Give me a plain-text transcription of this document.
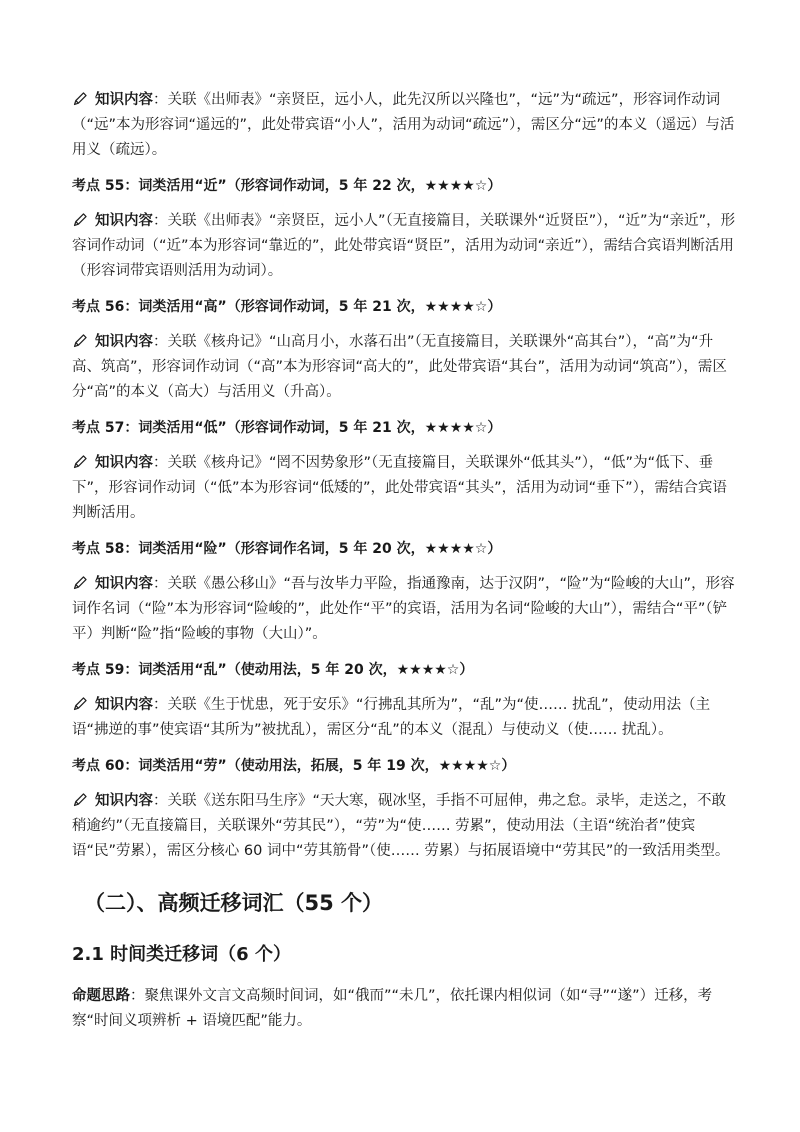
知识内容：关联《出师表》“亲贤臣，远小人，此先汉所以兴隆也”，“远”为“疏远”，形容词作动词（“远”本为形容词“遥远的”，此处带宾语“小人”，活用为动词“疏远”），需区分“远”的本义（遥远）与活用义（疏远）。

考点 55：词类活用“近”（形容词作动词，5 年 22 次，★★★★☆）

知识内容：关联《出师表》“亲贤臣，远小人”（无直接篇目，关联课外“近贤臣”），“近”为“亲近”，形容词作动词（“近”本为形容词“靠近的”，此处带宾语“贤臣”，活用为动词“亲近”），需结合宾语判断活用（形容词带宾语则活用为动词）。

考点 56：词类活用“高”（形容词作动词，5 年 21 次，★★★★☆）

知识内容：关联《核舟记》“山高月小，水落石出”（无直接篇目，关联课外“高其台”），“高”为“升高、筑高”，形容词作动词（“高”本为形容词“高大的”，此处带宾语“其台”，活用为动词“筑高”），需区分“高”的本义（高大）与活用义（升高）。

考点 57：词类活用“低”（形容词作动词，5 年 21 次，★★★★☆）

知识内容：关联《核舟记》“罔不因势象形”（无直接篇目，关联课外“低其头”），“低”为“低下、垂下”，形容词作动词（“低”本为形容词“低矮的”，此处带宾语“其头”，活用为动词“垂下”），需结合宾语判断活用。

考点 58：词类活用“险”（形容词作名词，5 年 20 次，★★★★☆）

知识内容：关联《愚公移山》“吾与汝毕力平险，指通豫南，达于汉阴”，“险”为“险峻的大山”，形容词作名词（“险”本为形容词“险峻的”，此处作“平”的宾语，活用为名词“险峻的大山”），需结合“平”（铲平）判断“险”指“险峻的事物（大山）”。

考点 59：词类活用“乱”（使动用法，5 年 20 次，★★★★☆）

知识内容：关联《生于忧患，死于安乐》“行拂乱其所为”，“乱”为“使…… 扰乱”，使动用法（主语“拂逆的事”使宾语“其所为”被扰乱），需区分“乱”的本义（混乱）与使动义（使…… 扰乱）。

考点 60：词类活用“劳”（使动用法，拓展，5 年 19 次，★★★★☆）

知识内容：关联《送东阳马生序》“天大寒，砚冰坚，手指不可屈伸，弗之怠。录毕，走送之，不敢稍逾约”（无直接篇目，关联课外“劳其民”），“劳”为“使…… 劳累”，使动用法（主语“统治者”使宾语“民”劳累），需区分核心 60 词中“劳其筋骨”（使…… 劳累）与拓展语境中“劳其民”的一致活用类型。

（二）、高频迁移词汇（55 个）
2.1 时间类迁移词（6 个）

命题思路：聚焦课外文言文高频时间词，如“俄而”“未几”，依托课内相似词（如“寻”“遂”）迁移，考察“时间义项辨析 + 语境匹配”能力。
